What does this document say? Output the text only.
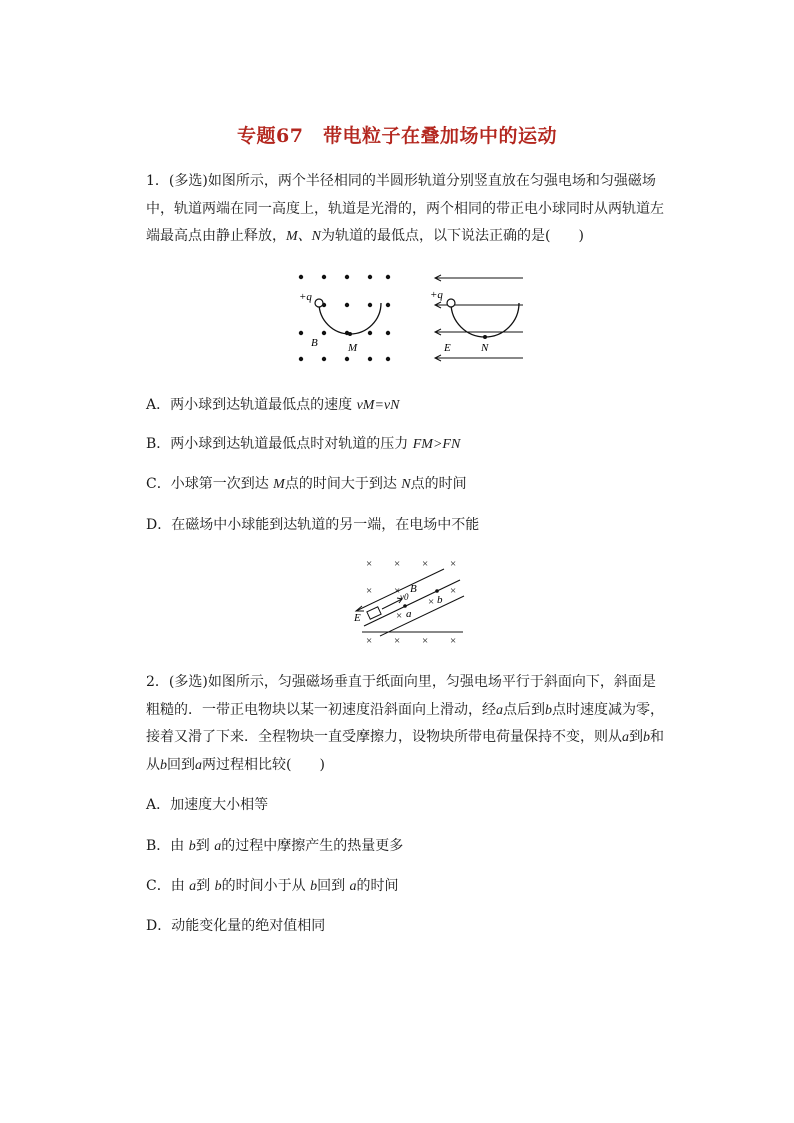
专题67　带电粒子在叠加场中的运动
1．(多选)如图所示，两个半径相同的半圆形轨道分别竖直放在匀强电场和匀强磁场中，轨道两端在同一高度上，轨道是光滑的，两个相同的带正电小球同时从两轨道左端最高点由静止释放，M、N为轨道的最低点，以下说法正确的是(　　)
+q
B	M
+q
E	N
A．两小球到达轨道最低点的速度 vM=vN
B．两小球到达轨道最低点时对轨道的压力 FM>FN
C．小球第一次到达 M点的时间大于到达 N点的时间
D．在磁场中小球能到达轨道的另一端，在电场中不能
× × × ×
× ×	×
×
×
× × × ×
B
v0
a
b
E
2．(多选)如图所示，匀强磁场垂直于纸面向里，匀强电场平行于斜面向下，斜面是粗糙的．一带正电物块以某一初速度沿斜面向上滑动，经a点后到b点时速度减为零，接着又滑了下来．全程物块一直受摩擦力，设物块所带电荷量保持不变，则从a到b和从b回到a两过程相比较(　　)
A．加速度大小相等
B．由 b到 a的过程中摩擦产生的热量更多
C．由 a到 b的时间小于从 b回到 a的时间
D．动能变化量的绝对值相同
